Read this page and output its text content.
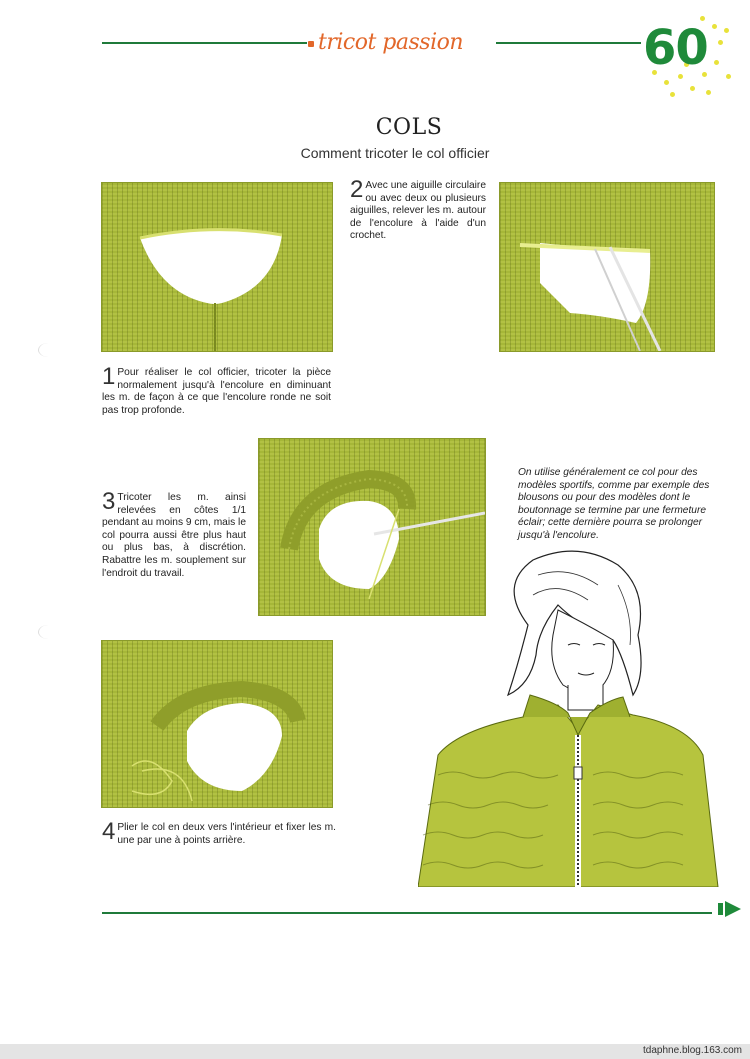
tricot passion	60
COLS
Comment tricoter le col officier
1 Pour réaliser le col officier, tricoter la pièce normalement jusqu'à l'encolure en diminuant les m. de façon à ce que l'encolure ronde ne soit pas trop profonde.
2 Avec une aiguille circulaire ou avec deux ou plusieurs aiguilles, relever les m. autour de l'encolure à l'aide d'un crochet.
3 Tricoter les m. ainsi relevées en côtes 1/1 pendant au moins 9 cm, mais le col pourra aussi être plus haut ou plus bas, à discrétion. Rabattre les m. souplement sur l'endroit du travail.
4 Plier le col en deux vers l'intérieur et fixer les m. une par une à points arrière.
On utilise généralement ce col pour des modèles sportifs, comme par exemple des blousons ou pour des modèles dont le boutonnage se termine par une fermeture éclair; cette dernière pourra se prolonger jusqu'à l'encolure.
tdaphne.blog.163.com
